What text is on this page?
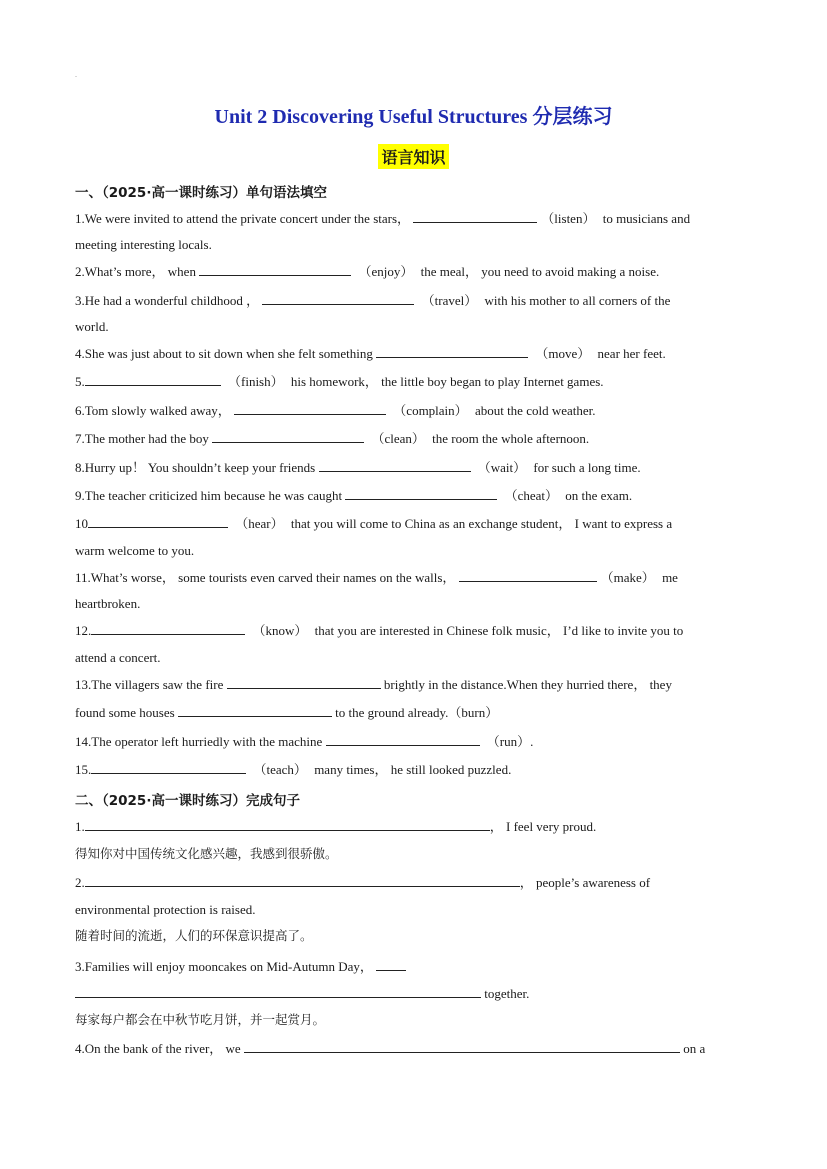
.
Unit 2 Discovering Useful Structures 分层练习
语言知识
一、（2025·高一课时练习）单句语法填空
1.We were invited to attend the private concert under the stars，	（listen） to musicians and
meeting interesting locals.
2.What’s more， when	（enjoy） the meal， you need to avoid making a noise.
3.He had a wonderful childhood ，	（travel） with his mother to all corners of the
world.
4.She was just about to sit down when she felt something	（move） near her feet.
5.	（finish） his homework， the little boy began to play Internet games.
6.Tom slowly walked away，	（complain） about the cold weather.
7.The mother had the boy	（clean） the room the whole afternoon.
8.Hurry up！ You shouldn’t keep your friends	（wait） for such a long time.
9.The teacher criticized him because he was caught	（cheat） on the exam.
10	（hear） that you will come to China as an exchange student， I want to express a
warm welcome to you.
11.What’s worse， some tourists even carved their names on the walls，	（make） me
heartbroken.
12.	（know） that you are interested in Chinese folk music， I’d like to invite you to
attend a concert.
13.The villagers saw the fire	brightly in the distance.When they hurried there， they
found some houses	to the ground already.（burn）
14.The operator left hurriedly with the machine	（run）.
15.	（teach） many times， he still looked puzzled.
二、（2025·高一课时练习）完成句子
1.	， I feel very proud.
得知你对中国传统文化感兴趣，我感到很骄傲。
2.	， people’s awareness of
environmental protection is raised.
随着时间的流逝，人们的环保意识提高了。
3.Families will enjoy mooncakes on Mid-Autumn Day，
together.
每家每户都会在中秋节吃月饼，并一起赏月。
4.On the bank of the river， we	on a
